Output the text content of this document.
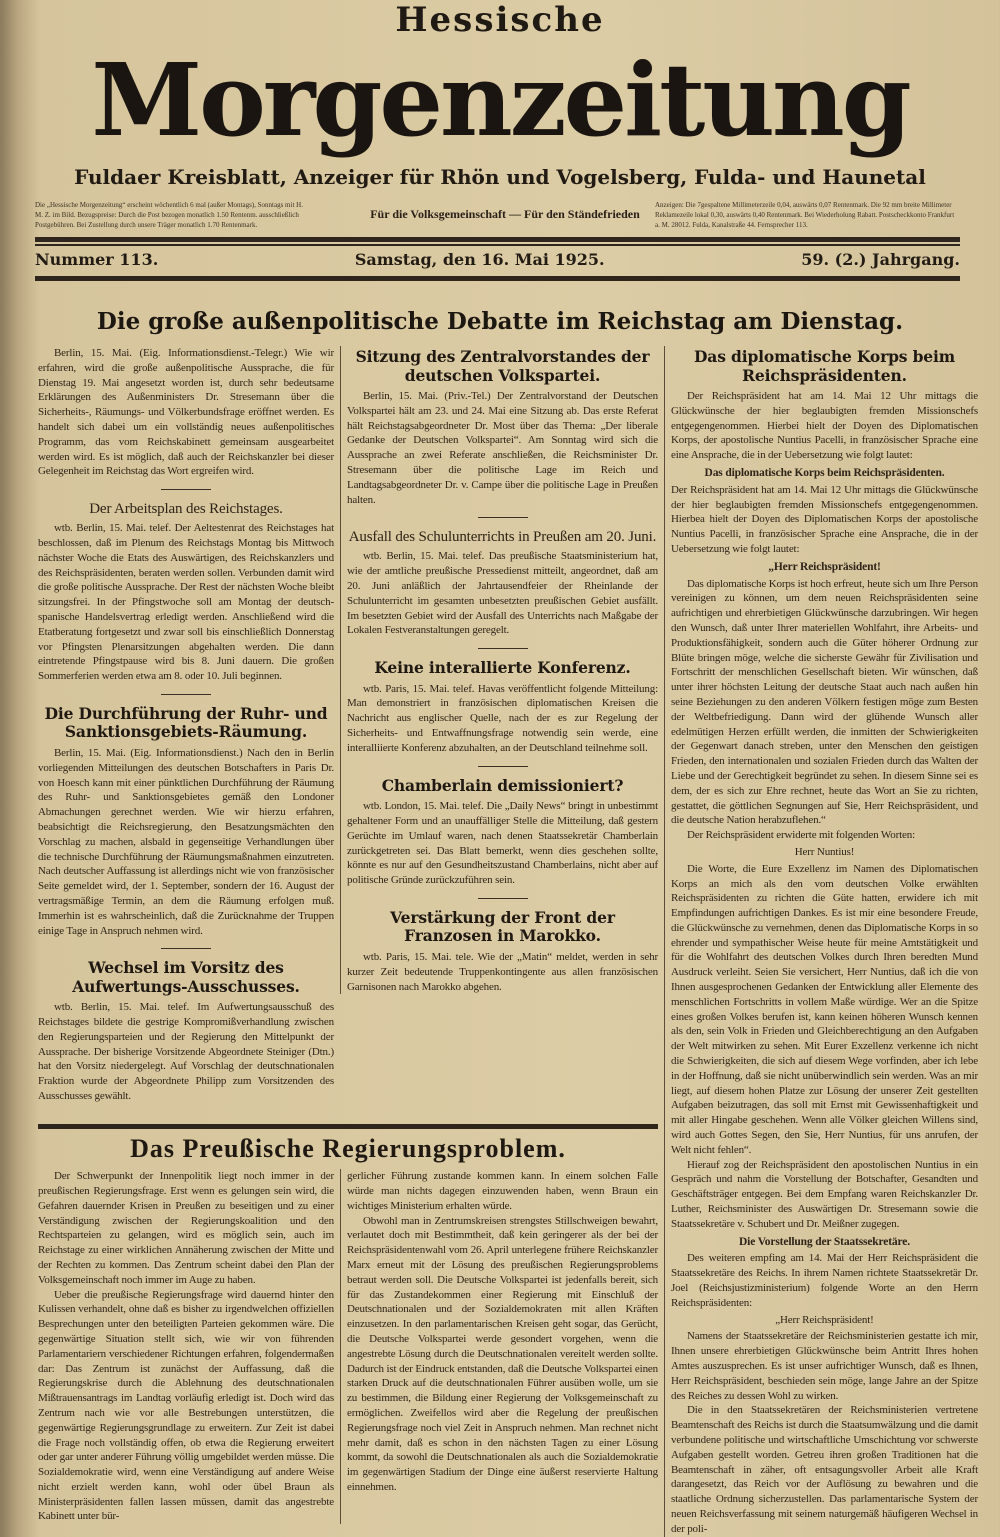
Hessische
Morgenzeitung
Fuldaer Kreisblatt, Anzeiger für Rhön und Vogelsberg, Fulda- und Haunetal
Die „Hessische Morgenzeitung“ erscheint wöchentlich 6 mal (außer Montags), Sonntags mit H. M. Z. im Bild. Bezugspreise: Durch die Post bezogen monatlich 1.50 Rentenm. ausschließlich Postgebühren. Bei Zustellung durch unsere Träger monatlich 1.70 Rentenmark.
Für die Volksgemeinschaft — Für den Ständefrieden
Anzeigen: Die 7gespaltene Millimeterzeile 0,04, auswärts 0,07 Rentenmark. Die 92 mm breite Millimeter Reklamezeile lokal 0,30, auswärts 0,40 Rentenmark. Bei Wiederholung Rabatt. Postscheckkonto Frankfurt a. M. 28012. Fulda, Kanalstraße 44. Fernsprecher 113.
Nummer 113.	Samstag, den 16. Mai 1925.	59. (2.) Jahrgang.
Die große außenpolitische Debatte im Reichstag am Dienstag.

Berlin, 15. Mai. (Eig. Informationsdienst.-Telegr.) Wie wir erfahren, wird die große außenpolitische Aussprache, die für Dienstag 19. Mai angesetzt worden ist, durch sehr bedeutsame Erklärungen des Außenministers Dr. Stresemann über die Sicherheits-, Räumungs- und Völkerbundsfrage eröffnet werden. Es handelt sich dabei um ein vollständig neues außenpolitisches Programm, das vom Reichskabinett gemeinsam ausgearbeitet werden wird. Es ist möglich, daß auch der Reichskanzler bei dieser Gelegenheit im Reichstag das Wort ergreifen wird.

Der Arbeitsplan des Reichstages.

wtb. Berlin, 15. Mai. telef. Der Aeltestenrat des Reichstages hat beschlossen, daß im Plenum des Reichstags Montag bis Mittwoch nächster Woche die Etats des Auswärtigen, des Reichskanzlers und des Reichspräsidenten, beraten werden sollen. Verbunden damit wird die große politische Aussprache. Der Rest der nächsten Woche bleibt sitzungsfrei. In der Pfingstwoche soll am Montag der deutsch-spanische Handelsvertrag erledigt werden. Anschließend wird die Etatberatung fortgesetzt und zwar soll bis einschließlich Donnerstag vor Pfingsten Plenarsitzungen abgehalten werden. Die dann eintretende Pfingstpause wird bis 8. Juni dauern. Die großen Sommerferien werden etwa am 8. oder 10. Juli beginnen.

Die Durchführung der Ruhr- und Sanktionsgebiets-Räumung.

Berlin, 15. Mai. (Eig. Informationsdienst.) Nach den in Berlin vorliegenden Mitteilungen des deutschen Botschafters in Paris Dr. von Hoesch kann mit einer pünktlichen Durchführung der Räumung des Ruhr- und Sanktionsgebietes gemäß den Londoner Abmachungen gerechnet werden. Wie wir hierzu erfahren, beabsichtigt die Reichsregierung, den Besatzungsmächten den Vorschlag zu machen, alsbald in gegenseitige Verhandlungen über die technische Durchführung der Räumungsmaßnahmen einzutreten. Nach deutscher Auffassung ist allerdings nicht wie von französischer Seite gemeldet wird, der 1. September, sondern der 16. August der vertragsmäßige Termin, an dem die Räumung erfolgen muß. Immerhin ist es wahrscheinlich, daß die Zurücknahme der Truppen einige Tage in Anspruch nehmen wird.

Wechsel im Vorsitz des Aufwertungs-Ausschusses.

wtb. Berlin, 15. Mai. telef. Im Aufwertungsausschuß des Reichstages bildete die gestrige Kompromißverhandlung zwischen den Regierungsparteien und der Regierung den Mittelpunkt der Aussprache. Der bisherige Vorsitzende Abgeordnete Steiniger (Dtn.) hat den Vorsitz niedergelegt. Auf Vorschlag der deutschnationalen Fraktion wurde der Abgeordnete Philipp zum Vorsitzenden des Ausschusses gewählt.

Sitzung des Zentralvorstandes der deutschen Volkspartei.

Berlin, 15. Mai. (Priv.-Tel.) Der Zentralvorstand der Deutschen Volkspartei hält am 23. und 24. Mai eine Sitzung ab. Das erste Referat hält Reichstagsabgeordneter Dr. Most über das Thema: „Der liberale Gedanke der Deutschen Volkspartei“. Am Sonntag wird sich die Aussprache an zwei Referate anschließen, die Reichsminister Dr. Stresemann über die politische Lage im Reich und Landtagsabgeordneter Dr. v. Campe über die politische Lage in Preußen halten.

Ausfall des Schulunterrichts in Preußen am 20. Juni.

wtb. Berlin, 15. Mai. telef. Das preußische Staatsministerium hat, wie der amtliche preußische Pressedienst mitteilt, angeordnet, daß am 20. Juni anläßlich der Jahrtausendfeier der Rheinlande der Schulunterricht im gesamten unbesetzten preußischen Gebiet ausfällt. Im besetzten Gebiet wird der Ausfall des Unterrichts nach Maßgabe der Lokalen Festveranstaltungen geregelt.

Keine interallierte Konferenz.

wtb. Paris, 15. Mai. telef. Havas veröffentlicht folgende Mitteilung: Man demonstriert in französischen diplomatischen Kreisen die Nachricht aus englischer Quelle, nach der es zur Regelung der Sicherheits- und Entwaffnungsfrage notwendig sein werde, eine interalliierte Konferenz abzuhalten, an der Deutschland teilnehme soll.

Chamberlain demissioniert?

wtb. London, 15. Mai. telef. Die „Daily News“ bringt in unbestimmt gehaltener Form und an unauffälliger Stelle die Mitteilung, daß gestern Gerüchte im Umlauf waren, nach denen Staatssekretär Chamberlain zurückgetreten sei. Das Blatt bemerkt, wenn dies geschehen sollte, könnte es nur auf den Gesundheitszustand Chamberlains, nicht aber auf politische Gründe zurückzuführen sein.

Verstärkung der Front der Franzosen in Marokko.

wtb. Paris, 15. Mai. tele. Wie der „Matin“ meldet, werden in sehr kurzer Zeit bedeutende Truppenkontingente aus allen französischen Garnisonen nach Marokko abgehen.

Das diplomatische Korps beim Reichspräsidenten.

Der Reichspräsident hat am 14. Mai 12 Uhr mittags die Glückwünsche der hier beglaubigten fremden Missionschefs entgegengenommen. Hierbei hielt der Doyen des Diplomatischen Korps, der apostolische Nuntius Pacelli, in französischer Sprache eine eine Ansprache, die in der Uebersetzung wie folgt lautet:

Das diplomatische Korps beim Reichspräsidenten.

Der Reichspräsident hat am 14. Mai 12 Uhr mittags die Glückwünsche der hier beglaubigten fremden Missionschefs entgegengenommen. Hierbea hielt der Doyen des Diplomatischen Korps der apostolische Nuntius Pacelli, in französischer Sprache eine Ansprache, die in der Uebersetzung wie folgt lautet:

„Herr Reichspräsident!

Das diplomatische Korps ist hoch erfreut, heute sich um Ihre Person vereinigen zu können, um dem neuen Reichspräsidenten seine aufrichtigen und ehrerbietigen Glückwünsche darzubringen. Wir hegen den Wunsch, daß unter Ihrer materiellen Wohlfahrt, ihre Arbeits- und Produktionsfähigkeit, sondern auch die Güter höherer Ordnung zur Blüte bringen möge, welche die sicherste Gewähr für Zivilisation und Fortschritt der menschlichen Gesellschaft bieten. Wir wünschen, daß unter ihrer höchsten Leitung der deutsche Staat auch nach außen hin seine Beziehungen zu den anderen Völkern festigen möge zum Besten der Weltbefriedigung. Dann wird der glühende Wunsch aller edelmütigen Herzen erfüllt werden, die inmitten der Schwierigkeiten der Gegenwart danach streben, unter den Menschen den geistigen Frieden, den internationalen und sozialen Frieden durch das Walten der Liebe und der Gerechtigkeit begründet zu sehen. In diesem Sinne sei es dem, der es sich zur Ehre rechnet, heute das Wort an Sie zu richten, gestattet, die göttlichen Segnungen auf Sie, Herr Reichspräsident, und die deutsche Nation herabzuflehen.“

Der Reichspräsident erwiderte mit folgenden Worten:

Herr Nuntius!

Die Worte, die Eure Exzellenz im Namen des Diplomatischen Korps an mich als den vom deutschen Volke erwählten Reichspräsidenten zu richten die Güte hatten, erwidere ich mit Empfindungen aufrichtigen Dankes. Es ist mir eine besondere Freude, die Glückwünsche zu vernehmen, denen das Diplomatische Korps in so ehrender und sympathischer Weise heute für meine Amtstätigkeit und für die Wohlfahrt des deutschen Volkes durch Ihren beredten Mund Ausdruck verleiht. Seien Sie versichert, Herr Nuntius, daß ich die von Ihnen ausgesprochenen Gedanken der Entwicklung aller Elemente des menschlichen Fortschritts in vollem Maße würdige. Wer an die Spitze eines großen Volkes berufen ist, kann keinen höheren Wunsch kennen als den, sein Volk in Frieden und Gleichberechtigung an den Aufgaben der Welt mitwirken zu sehen. Mit Eurer Exzellenz verkenne ich nicht die Schwierigkeiten, die sich auf diesem Wege vorfinden, aber ich lebe in der Hoffnung, daß sie nicht unüberwindlich sein werden. Was an mir liegt, auf diesem hohen Platze zur Lösung der unserer Zeit gestellten Aufgaben beizutragen, das soll mit Ernst mit Gewissenhaftigkeit und mit aller Hingabe geschehen. Wenn alle Völker gleichen Willens sind, wird auch Gottes Segen, den Sie, Herr Nuntius, für uns anrufen, der Welt nicht fehlen“.

Hierauf zog der Reichspräsident den apostolischen Nuntius in ein Gespräch und nahm die Vorstellung der Botschafter, Gesandten und Geschäftsträger entgegen. Bei dem Empfang waren Reichskanzler Dr. Luther, Reichsminister des Auswärtigen Dr. Stresemann sowie die Staatssekretäre v. Schubert und Dr. Meißner zugegen.

Die Vorstellung der Staatssekretäre.

Des weiteren empfing am 14. Mai der Herr Reichspräsident die Staatssekretäre des Reichs. In ihrem Namen richtete Staatssekretär Dr. Joel (Reichsjustizministerium) folgende Worte an den Herrn Reichspräsidenten:

„Herr Reichspräsident!

Namens der Staatssekretäre der Reichsministerien gestatte ich mir, Ihnen unsere ehrerbietigen Glückwünsche beim Antritt Ihres hohen Amtes auszusprechen. Es ist unser aufrichtiger Wunsch, daß es Ihnen, Herr Reichspräsident, beschieden sein möge, lange Jahre an der Spitze des Reiches zu dessen Wohl zu wirken.

Die in den Staatssekretären der Reichsministerien vertretene Beamtenschaft des Reichs ist durch die Staatsumwälzung und die damit verbundene politische und wirtschaftliche Umschichtung vor schwerste Aufgaben gestellt worden. Getreu ihren großen Traditionen hat die Beamtenschaft in zäher, oft entsagungsvoller Arbeit alle Kraft darangesetzt, das Reich vor der Auflösung zu bewahren und die staatliche Ordnung sicherzustellen. Das parlamentarische System der neuen Reichsverfassung mit seinem naturgemäß häufigeren Wechsel in der poli-

Das Preußische Regierungsproblem.

Der Schwerpunkt der Innenpolitik liegt noch immer in der preußischen Regierungsfrage. Erst wenn es gelungen sein wird, die Gefahren dauernder Krisen in Preußen zu beseitigen und zu einer Verständigung zwischen der Regierungskoalition und den Rechtsparteien zu gelangen, wird es möglich sein, auch im Reichstage zu einer wirklichen Annäherung zwischen der Mitte und der Rechten zu kommen. Das Zentrum scheint dabei den Plan der Volksgemeinschaft noch immer im Auge zu haben.

Ueber die preußische Regierungsfrage wird dauernd hinter den Kulissen verhandelt, ohne daß es bisher zu irgendwelchen offiziellen Besprechungen unter den beteiligten Parteien gekommen wäre. Die gegenwärtige Situation stellt sich, wie wir von führenden Parlamentariern verschiedener Richtungen erfahren, folgendermaßen dar: Das Zentrum ist zunächst der Auffassung, daß die Regierungskrise durch die Ablehnung des deutschnationalen Mißtrauensantrags im Landtag vorläufig erledigt ist. Doch wird das Zentrum nach wie vor alle Bestrebungen unterstützen, die gegenwärtige Regierungsgrundlage zu erweitern. Zur Zeit ist dabei die Frage noch vollständig offen, ob etwa die Regierung erweitert oder gar unter anderer Führung völlig umgebildet werden müsse. Die Sozialdemokratie wird, wenn eine Verständigung auf andere Weise nicht erzielt werden kann, wohl oder übel Braun als Ministerpräsidenten fallen lassen müssen, damit das angestrebte Kabinett unter bür-

gerlicher Führung zustande kommen kann. In einem solchen Falle würde man nichts dagegen einzuwenden haben, wenn Braun ein wichtiges Ministerium erhalten würde.

Obwohl man in Zentrumskreisen strengstes Stillschweigen bewahrt, verlautet doch mit Bestimmtheit, daß kein geringerer als der bei der Reichspräsidentenwahl vom 26. April unterlegene frühere Reichskanzler Marx erneut mit der Lösung des preußischen Regierungsproblems betraut werden soll. Die Deutsche Volkspartei ist jedenfalls bereit, sich für das Zustandekommen einer Regierung mit Einschluß der Deutschnationalen und der Sozialdemokraten mit allen Kräften einzusetzen. In den parlamentarischen Kreisen geht sogar, das Gerücht, die Deutsche Volkspartei werde gesondert vorgehen, wenn die angestrebte Lösung durch die Deutschnationalen vereitelt werden sollte. Dadurch ist der Eindruck entstanden, daß die Deutsche Volkspartei einen starken Druck auf die deutschnationalen Führer ausüben wolle, um sie zu bestimmen, die Bildung einer Regierung der Volksgemeinschaft zu ermöglichen. Zweifellos wird aber die Regelung der preußischen Regierungsfrage noch viel Zeit in Anspruch nehmen. Man rechnet nicht mehr damit, daß es schon in den nächsten Tagen zu einer Lösung kommt, da sowohl die Deutschnationalen als auch die Sozialdemokratie im gegenwärtigen Stadium der Dinge eine äußerst reservierte Haltung einnehmen.
